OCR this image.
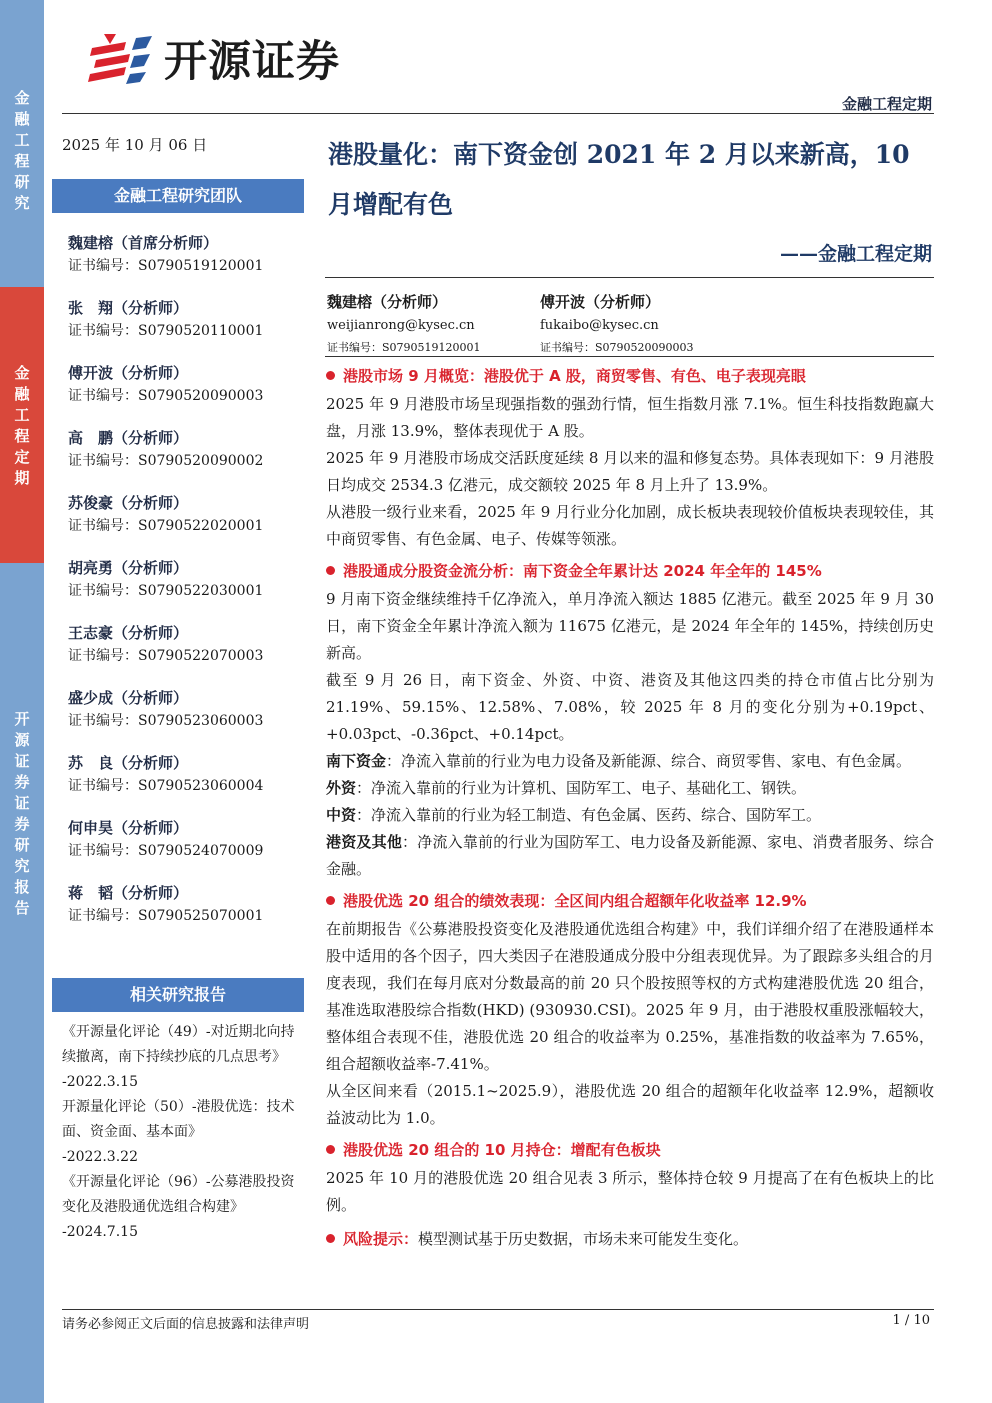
金融工程研究
金融工程定期
开源证券 证券研究报告
开源证券
金融工程定期
2025 年 10 月 06 日
金融工程研究团队
魏建榕（首席分析师）
证书编号：S0790519120001
张　翔（分析师）
证书编号：S0790520110001
傅开波（分析师）
证书编号：S0790520090003
高　鹏（分析师）
证书编号：S0790520090002
苏俊豪（分析师）
证书编号：S0790522020001
胡亮勇（分析师）
证书编号：S0790522030001
王志豪（分析师）
证书编号：S0790522070003
盛少成（分析师）
证书编号：S0790523060003
苏　良（分析师）
证书编号：S0790523060004
何申昊（分析师）
证书编号：S0790524070009
蒋　韬（分析师）
证书编号：S0790525070001
相关研究报告
《开源量化评论（49）-对近期北向持续撤离，南下持续抄底的几点思考》
-2022.3.15
开源量化评论（50）-港股优选：技术面、资金面、基本面》
-2022.3.22
《开源量化评论（96）-公募港股投资变化及港股通优选组合构建》
-2024.7.15
港股量化：南下资金创 2021 年 2 月以来新高，10 月增配有色
——金融工程定期
魏建榕（分析师）
weijianrong@kysec.cn
证书编号：S0790519120001
傅开波（分析师）
fukaibo@kysec.cn
证书编号：S0790520090003
港股市场 9 月概览：港股优于 A 股，商贸零售、有色、电子表现亮眼

2025 年 9 月港股市场呈现强指数的强劲行情，恒生指数月涨 7.1%。恒生科技指数跑赢大盘，月涨 13.9%，整体表现优于 A 股。

2025 年 9 月港股市场成交活跃度延续 8 月以来的温和修复态势。具体表现如下：9 月港股日均成交 2534.3 亿港元，成交额较 2025 年 8 月上升了 13.9%。

从港股一级行业来看，2025 年 9 月行业分化加剧，成长板块表现较价值板块表现较佳，其中商贸零售、有色金属、电子、传媒等领涨。

港股通成分股资金流分析：南下资金全年累计达 2024 年全年的 145%

9 月南下资金继续维持千亿净流入，单月净流入额达 1885 亿港元。截至 2025 年 9 月 30 日，南下资金全年累计净流入额为 11675 亿港元，是 2024 年全年的 145%，持续创历史新高。

截至 9 月 26 日，南下资金、外资、中资、港资及其他这四类的持仓市值占比分别为 21.19%、59.15%、12.58%、7.08%，较 2025 年 8 月的变化分别为+0.19pct、+0.03pct、-0.36pct、+0.14pct。

南下资金：净流入靠前的行业为电力设备及新能源、综合、商贸零售、家电、有色金属。

外资：净流入靠前的行业为计算机、国防军工、电子、基础化工、钢铁。

中资：净流入靠前的行业为轻工制造、有色金属、医药、综合、国防军工。

港资及其他：净流入靠前的行业为国防军工、电力设备及新能源、家电、消费者服务、综合金融。

港股优选 20 组合的绩效表现：全区间内组合超额年化收益率 12.9%

在前期报告《公募港股投资变化及港股通优选组合构建》中，我们详细介绍了在港股通样本股中适用的各个因子，四大类因子在港股通成分股中分组表现优异。为了跟踪多头组合的月度表现，我们在每月底对分数最高的前 20 只个股按照等权的方式构建港股优选 20 组合，基准选取港股综合指数(HKD) (930930.CSI)。2025 年 9 月，由于港股权重股涨幅较大，整体组合表现不佳，港股优选 20 组合的收益率为 0.25%，基准指数的收益率为 7.65%，组合超额收益率-7.41%。

从全区间来看（2015.1~2025.9），港股优选 20 组合的超额年化收益率 12.9%，超额收益波动比为 1.0。

港股优选 20 组合的 10 月持仓：增配有色板块

2025 年 10 月的港股优选 20 组合见表 3 所示，整体持仓较 9 月提高了在有色板块上的比例。

风险提示：模型测试基于历史数据，市场未来可能发生变化。
请务必参阅正文后面的信息披露和法律声明	1 / 10
